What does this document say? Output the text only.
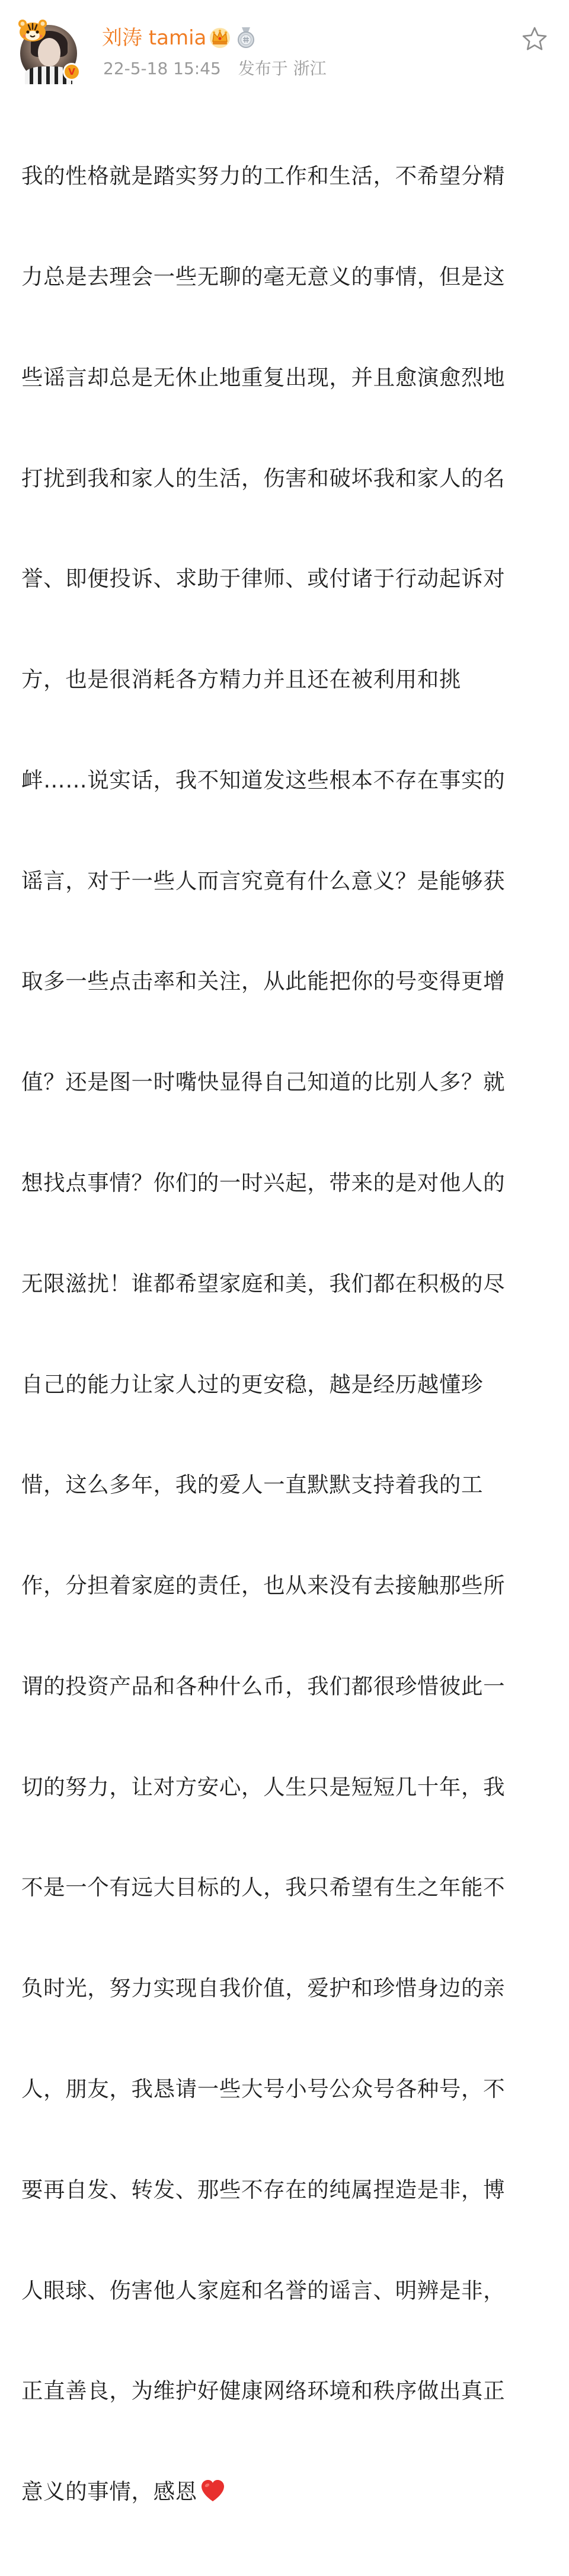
V
刘涛 tamia
22-5-18 15:45 发布于 浙江

我的性格就是踏实努力的工作和生活，不希望分精

力总是去理会一些无聊的毫无意义的事情，但是这

些谣言却总是无休止地重复出现，并且愈演愈烈地

打扰到我和家人的生活，伤害和破坏我和家人的名

誉、即便投诉、求助于律师、或付诸于行动起诉对

方，也是很消耗各方精力并且还在被利用和挑

衅……说实话，我不知道发这些根本不存在事实的

谣言，对于一些人而言究竟有什么意义？是能够获

取多一些点击率和关注，从此能把你的号变得更增

值？还是图一时嘴快显得自己知道的比别人多？就

想找点事情？你们的一时兴起，带来的是对他人的

无限滋扰！谁都希望家庭和美，我们都在积极的尽

自己的能力让家人过的更安稳，越是经历越懂珍

惜，这么多年，我的爱人一直默默支持着我的工

作，分担着家庭的责任，也从来没有去接触那些所

谓的投资产品和各种什么币，我们都很珍惜彼此一

切的努力，让对方安心，人生只是短短几十年，我

不是一个有远大目标的人，我只希望有生之年能不

负时光，努力实现自我价值，爱护和珍惜身边的亲

人，朋友，我恳请一些大号小号公众号各种号，不

要再自发、转发、那些不存在的纯属捏造是非，博

人眼球、伤害他人家庭和名誉的谣言、明辨是非，

正直善良，为维护好健康网络环境和秩序做出真正

意义的事情，感恩
